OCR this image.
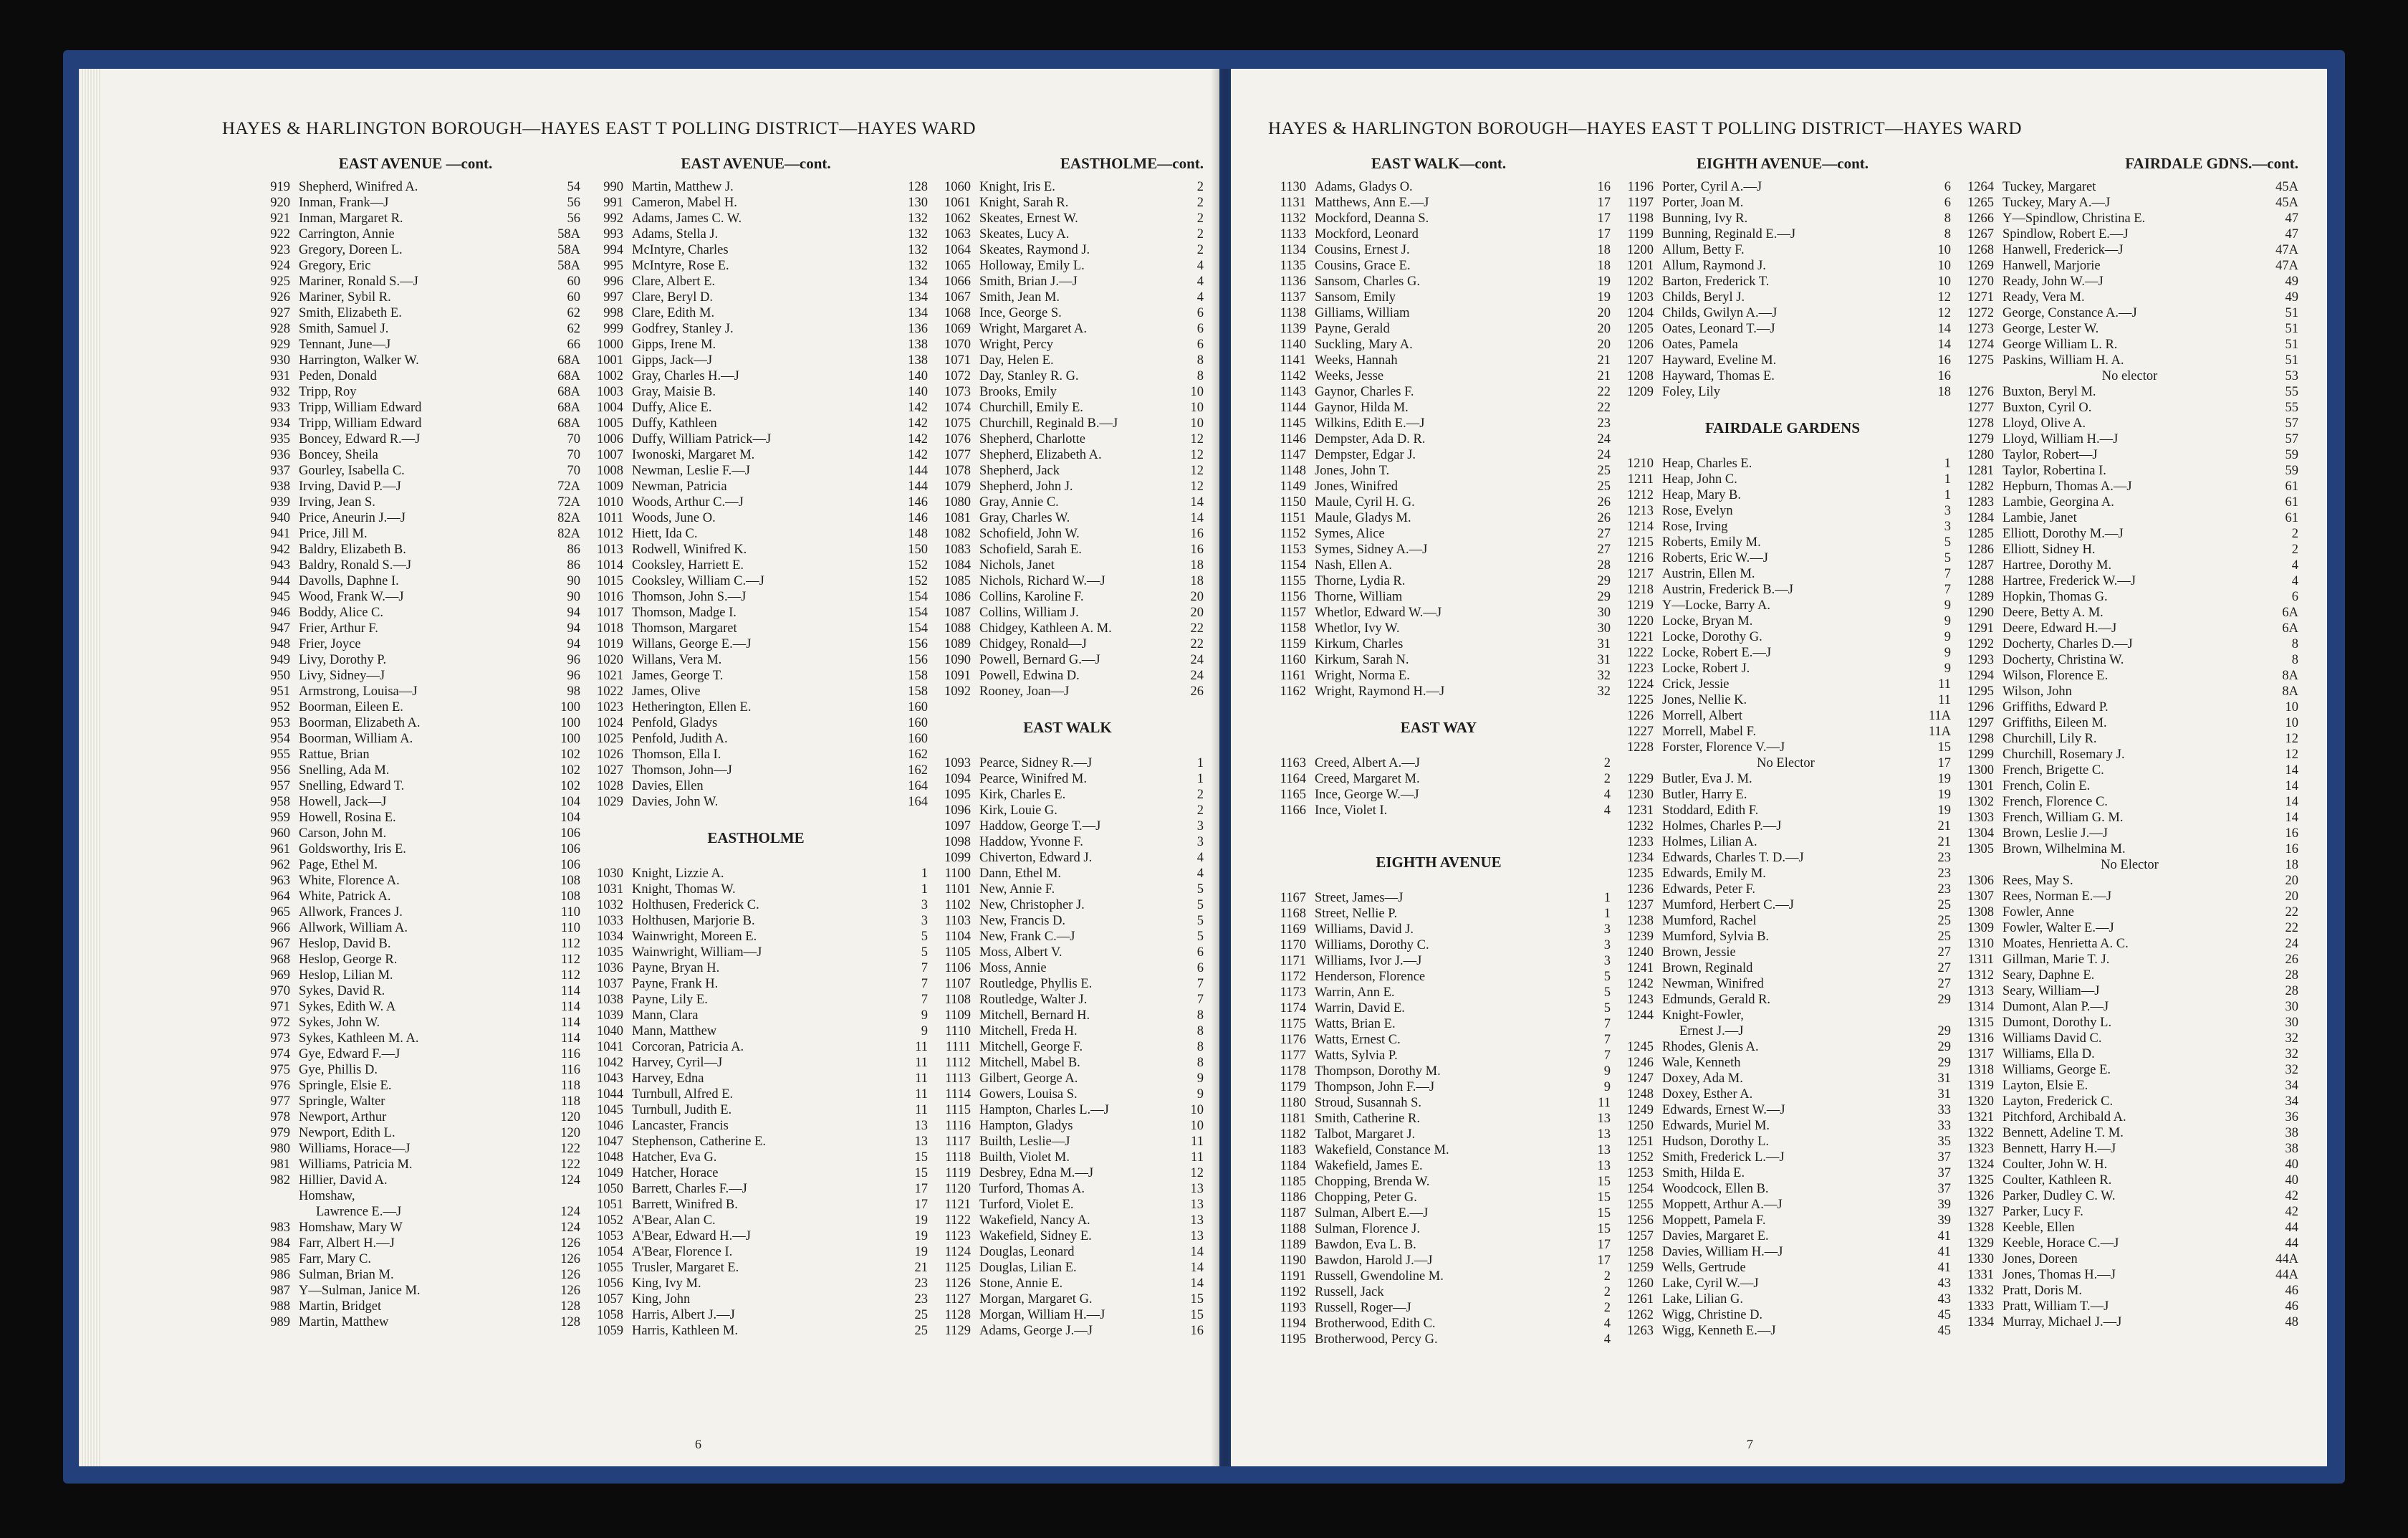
HAYES & HARLINGTON BOROUGH—HAYES EAST T POLLING DISTRICT—HAYES WARD
EAST AVENUE —cont.
919 Shepherd, Winifred A.	54
920 Inman, Frank—J	56
921 Inman, Margaret R.	56
922 Carrington, Annie	58A
923 Gregory, Doreen L.	58A
924 Gregory, Eric	58A
925 Mariner, Ronald S.—J	60
926 Mariner, Sybil R.	60
927 Smith, Elizabeth E.	62
928 Smith, Samuel J.	62
929 Tennant, June—J	66
930 Harrington, Walker W.	68A
931 Peden, Donald	68A
932 Tripp, Roy	68A
933 Tripp, William Edward	68A
934 Tripp, William Edward	68A
935 Boncey, Edward R.—J	70
936 Boncey, Sheila	70
937 Gourley, Isabella C.	70
938 Irving, David P.—J	72A
939 Irving, Jean S.	72A
940 Price, Aneurin J.—J	82A
941 Price, Jill M.	82A
942 Baldry, Elizabeth B.	86
943 Baldry, Ronald S.—J	86
944 Davolls, Daphne I.	90
945 Wood, Frank W.—J	90
946 Boddy, Alice C.	94
947 Frier, Arthur F.	94
948 Frier, Joyce	94
949 Livy, Dorothy P.	96
950 Livy, Sidney—J	96
951 Armstrong, Louisa—J	98
952 Boorman, Eileen E.	100
953 Boorman, Elizabeth A.	100
954 Boorman, William A.	100
955 Rattue, Brian	102
956 Snelling, Ada M.	102
957 Snelling, Edward T.	102
958 Howell, Jack—J	104
959 Howell, Rosina E.	104
960 Carson, John M.	106
961 Goldsworthy, Iris E.	106
962 Page, Ethel M.	106
963 White, Florence A.	108
964 White, Patrick A.	108
965 Allwork, Frances J.	110
966 Allwork, William A.	110
967 Heslop, David B.	112
968 Heslop, George R.	112
969 Heslop, Lilian M.	112
970 Sykes, David R.	114
971 Sykes, Edith W. A	114
972 Sykes, John W.	114
973 Sykes, Kathleen M. A.	114
974 Gye, Edward F.—J	116
975 Gye, Phillis D.	116
976 Springle, Elsie E.	118
977 Springle, Walter	118
978 Newport, Arthur	120
979 Newport, Edith L.	120
980 Williams, Horace—J	122
981 Williams, Patricia M.	122
982 Hillier, David A.	124
Homshaw,
Lawrence E.—J	124
983 Homshaw, Mary W	124
984 Farr, Albert H.—J	126
985 Farr, Mary C.	126
986 Sulman, Brian M.	126
987 Y—Sulman, Janice M.	126
988 Martin, Bridget	128
989 Martin, Matthew	128
EAST AVENUE—cont.
990 Martin, Matthew J.	128
991 Cameron, Mabel H.	130
992 Adams, James C. W.	132
993 Adams, Stella J.	132
994 McIntyre, Charles	132
995 McIntyre, Rose E.	132
996 Clare, Albert E.	134
997 Clare, Beryl D.	134
998 Clare, Edith M.	134
999 Godfrey, Stanley J.	136
1000 Gipps, Irene M.	138
1001 Gipps, Jack—J	138
1002 Gray, Charles H.—J	140
1003 Gray, Maisie B.	140
1004 Duffy, Alice E.	142
1005 Duffy, Kathleen	142
1006 Duffy, William Patrick—J	142
1007 Iwonoski, Margaret M.	142
1008 Newman, Leslie F.—J	144
1009 Newman, Patricia	144
1010 Woods, Arthur C.—J	146
1011 Woods, June O.	146
1012 Hiett, Ida C.	148
1013 Rodwell, Winifred K.	150
1014 Cooksley, Harriett E.	152
1015 Cooksley, William C.—J	152
1016 Thomson, John S.—J	154
1017 Thomson, Madge I.	154
1018 Thomson, Margaret	154
1019 Willans, George E.—J	156
1020 Willans, Vera M.	156
1021 James, George T.	158
1022 James, Olive	158
1023 Hetherington, Ellen E.	160
1024 Penfold, Gladys	160
1025 Penfold, Judith A.	160
1026 Thomson, Ella I.	162
1027 Thomson, John—J	162
1028 Davies, Ellen	164
1029 Davies, John W.	164
EASTHOLME
1030 Knight, Lizzie A.	1
1031 Knight, Thomas W.	1
1032 Holthusen, Frederick C.	3
1033 Holthusen, Marjorie B.	3
1034 Wainwright, Moreen E.	5
1035 Wainwright, William—J	5
1036 Payne, Bryan H.	7
1037 Payne, Frank H.	7
1038 Payne, Lily E.	7
1039 Mann, Clara	9
1040 Mann, Matthew	9
1041 Corcoran, Patricia A.	11
1042 Harvey, Cyril—J	11
1043 Harvey, Edna	11
1044 Turnbull, Alfred E.	11
1045 Turnbull, Judith E.	11
1046 Lancaster, Francis	13
1047 Stephenson, Catherine E.	13
1048 Hatcher, Eva G.	15
1049 Hatcher, Horace	15
1050 Barrett, Charles F.—J	17
1051 Barrett, Winifred B.	17
1052 A'Bear, Alan C.	19
1053 A'Bear, Edward H.—J	19
1054 A'Bear, Florence I.	19
1055 Trusler, Margaret E.	21
1056 King, Ivy M.	23
1057 King, John	23
1058 Harris, Albert J.—J	25
1059 Harris, Kathleen M.	25
EASTHOLME—cont.
1060 Knight, Iris E.	2
1061 Knight, Sarah R.	2
1062 Skeates, Ernest W.	2
1063 Skeates, Lucy A.	2
1064 Skeates, Raymond J.	2
1065 Holloway, Emily L.	4
1066 Smith, Brian J.—J	4
1067 Smith, Jean M.	4
1068 Ince, George S.	6
1069 Wright, Margaret A.	6
1070 Wright, Percy	6
1071 Day, Helen E.	8
1072 Day, Stanley R. G.	8
1073 Brooks, Emily	10
1074 Churchill, Emily E.	10
1075 Churchill, Reginald B.—J	10
1076 Shepherd, Charlotte	12
1077 Shepherd, Elizabeth A.	12
1078 Shepherd, Jack	12
1079 Shepherd, John J.	12
1080 Gray, Annie C.	14
1081 Gray, Charles W.	14
1082 Schofield, John W.	16
1083 Schofield, Sarah E.	16
1084 Nichols, Janet	18
1085 Nichols, Richard W.—J	18
1086 Collins, Karoline F.	20
1087 Collins, William J.	20
1088 Chidgey, Kathleen A. M.	22
1089 Chidgey, Ronald—J	22
1090 Powell, Bernard G.—J	24
1091 Powell, Edwina D.	24
1092 Rooney, Joan—J	26
EAST WALK
1093 Pearce, Sidney R.—J	1
1094 Pearce, Winifred M.	1
1095 Kirk, Charles E.	2
1096 Kirk, Louie G.	2
1097 Haddow, George T.—J	3
1098 Haddow, Yvonne F.	3
1099 Chiverton, Edward J.	4
1100 Dann, Ethel M.	4
1101 New, Annie F.	5
1102 New, Christopher J.	5
1103 New, Francis D.	5
1104 New, Frank C.—J	5
1105 Moss, Albert V.	6
1106 Moss, Annie	6
1107 Routledge, Phyllis E.	7
1108 Routledge, Walter J.	7
1109 Mitchell, Bernard H.	8
1110 Mitchell, Freda H.	8
1111 Mitchell, George F.	8
1112 Mitchell, Mabel B.	8
1113 Gilbert, George A.	9
1114 Gowers, Louisa S.	9
1115 Hampton, Charles L.—J	10
1116 Hampton, Gladys	10
1117 Builth, Leslie—J	11
1118 Builth, Violet M.	11
1119 Desbrey, Edna M.—J	12
1120 Turford, Thomas A.	13
1121 Turford, Violet E.	13
1122 Wakefield, Nancy A.	13
1123 Wakefield, Sidney E.	13
1124 Douglas, Leonard	14
1125 Douglas, Lilian E.	14
1126 Stone, Annie E.	14
1127 Morgan, Margaret G.	15
1128 Morgan, William H.—J	15
1129 Adams, George J.—J	16
6
HAYES & HARLINGTON BOROUGH—HAYES EAST T POLLING DISTRICT—HAYES WARD
EAST WALK—cont.
1130 Adams, Gladys O.	16
1131 Matthews, Ann E.—J	17
1132 Mockford, Deanna S.	17
1133 Mockford, Leonard	17
1134 Cousins, Ernest J.	18
1135 Cousins, Grace E.	18
1136 Sansom, Charles G.	19
1137 Sansom, Emily	19
1138 Gilliams, William	20
1139 Payne, Gerald	20
1140 Suckling, Mary A.	20
1141 Weeks, Hannah	21
1142 Weeks, Jesse	21
1143 Gaynor, Charles F.	22
1144 Gaynor, Hilda M.	22
1145 Wilkins, Edith E.—J	23
1146 Dempster, Ada D. R.	24
1147 Dempster, Edgar J.	24
1148 Jones, John T.	25
1149 Jones, Winifred	25
1150 Maule, Cyril H. G.	26
1151 Maule, Gladys M.	26
1152 Symes, Alice	27
1153 Symes, Sidney A.—J	27
1154 Nash, Ellen A.	28
1155 Thorne, Lydia R.	29
1156 Thorne, William	29
1157 Whetlor, Edward W.—J	30
1158 Whetlor, Ivy W.	30
1159 Kirkum, Charles	31
1160 Kirkum, Sarah N.	31
1161 Wright, Norma E.	32
1162 Wright, Raymond H.—J	32
EAST WAY
1163 Creed, Albert A.—J	2
1164 Creed, Margaret M.	2
1165 Ince, George W.—J	4
1166 Ince, Violet I.	4
EIGHTH AVENUE
1167 Street, James—J	1
1168 Street, Nellie P.	1
1169 Williams, David J.	3
1170 Williams, Dorothy C.	3
1171 Williams, Ivor J.—J	3
1172 Henderson, Florence	5
1173 Warrin, Ann E.	5
1174 Warrin, David E.	5
1175 Watts, Brian E.	7
1176 Watts, Ernest C.	7
1177 Watts, Sylvia P.	7
1178 Thompson, Dorothy M.	9
1179 Thompson, John F.—J	9
1180 Stroud, Susannah S.	11
1181 Smith, Catherine R.	13
1182 Talbot, Margaret J.	13
1183 Wakefield, Constance M.	13
1184 Wakefield, James E.	13
1185 Chopping, Brenda W.	15
1186 Chopping, Peter G.	15
1187 Sulman, Albert E.—J	15
1188 Sulman, Florence J.	15
1189 Bawdon, Eva L. B.	17
1190 Bawdon, Harold J.—J	17
1191 Russell, Gwendoline M.	2
1192 Russell, Jack	2
1193 Russell, Roger—J	2
1194 Brotherwood, Edith C.	4
1195 Brotherwood, Percy G.	4
EIGHTH AVENUE—cont.
1196 Porter, Cyril A.—J	6
1197 Porter, Joan M.	6
1198 Bunning, Ivy R.	8
1199 Bunning, Reginald E.—J	8
1200 Allum, Betty F.	10
1201 Allum, Raymond J.	10
1202 Barton, Frederick T.	10
1203 Childs, Beryl J.	12
1204 Childs, Gwilyn A.—J	12
1205 Oates, Leonard T.—J	14
1206 Oates, Pamela	14
1207 Hayward, Eveline M.	16
1208 Hayward, Thomas E.	16
1209 Foley, Lily	18
FAIRDALE GARDENS
1210 Heap, Charles E.	1
1211 Heap, John C.	1
1212 Heap, Mary B.	1
1213 Rose, Evelyn	3
1214 Rose, Irving	3
1215 Roberts, Emily M.	5
1216 Roberts, Eric W.—J	5
1217 Austrin, Ellen M.	7
1218 Austrin, Frederick B.—J	7
1219 Y—Locke, Barry A.	9
1220 Locke, Bryan M.	9
1221 Locke, Dorothy G.	9
1222 Locke, Robert E.—J	9
1223 Locke, Robert J.	9
1224 Crick, Jessie	11
1225 Jones, Nellie K.	11
1226 Morrell, Albert	11A
1227 Morrell, Mabel F.	11A
1228 Forster, Florence V.—J	15
No Elector	17
1229 Butler, Eva J. M.	19
1230 Butler, Harry E.	19
1231 Stoddard, Edith F.	19
1232 Holmes, Charles P.—J	21
1233 Holmes, Lilian A.	21
1234 Edwards, Charles T. D.—J	23
1235 Edwards, Emily M.	23
1236 Edwards, Peter F.	23
1237 Mumford, Herbert C.—J	25
1238 Mumford, Rachel	25
1239 Mumford, Sylvia B.	25
1240 Brown, Jessie	27
1241 Brown, Reginald	27
1242 Newman, Winifred	27
1243 Edmunds, Gerald R.	29
1244 Knight-Fowler,
Ernest J.—J	29
1245 Rhodes, Glenis A.	29
1246 Wale, Kenneth	29
1247 Doxey, Ada M.	31
1248 Doxey, Esther A.	31
1249 Edwards, Ernest W.—J	33
1250 Edwards, Muriel M.	33
1251 Hudson, Dorothy L.	35
1252 Smith, Frederick L.—J	37
1253 Smith, Hilda E.	37
1254 Woodcock, Ellen B.	37
1255 Moppett, Arthur A.—J	39
1256 Moppett, Pamela F.	39
1257 Davies, Margaret E.	41
1258 Davies, William H.—J	41
1259 Wells, Gertrude	41
1260 Lake, Cyril W.—J	43
1261 Lake, Lilian G.	43
1262 Wigg, Christine D.	45
1263 Wigg, Kenneth E.—J	45
FAIRDALE GDNS.—cont.
1264 Tuckey, Margaret	45A
1265 Tuckey, Mary A.—J	45A
1266 Y—Spindlow, Christina E.	47
1267 Spindlow, Robert E.—J	47
1268 Hanwell, Frederick—J	47A
1269 Hanwell, Marjorie	47A
1270 Ready, John W.—J	49
1271 Ready, Vera M.	49
1272 George, Constance A.—J	51
1273 George, Lester W.	51
1274 George William L. R.	51
1275 Paskins, William H. A.	51
No elector	53
1276 Buxton, Beryl M.	55
1277 Buxton, Cyril O.	55
1278 Lloyd, Olive A.	57
1279 Lloyd, William H.—J	57
1280 Taylor, Robert—J	59
1281 Taylor, Robertina I.	59
1282 Hepburn, Thomas A.—J	61
1283 Lambie, Georgina A.	61
1284 Lambie, Janet	61
1285 Elliott, Dorothy M.—J	2
1286 Elliott, Sidney H.	2
1287 Hartree, Dorothy M.	4
1288 Hartree, Frederick W.—J	4
1289 Hopkin, Thomas G.	6
1290 Deere, Betty A. M.	6A
1291 Deere, Edward H.—J	6A
1292 Docherty, Charles D.—J	8
1293 Docherty, Christina W.	8
1294 Wilson, Florence E.	8A
1295 Wilson, John	8A
1296 Griffiths, Edward P.	10
1297 Griffiths, Eileen M.	10
1298 Churchill, Lily R.	12
1299 Churchill, Rosemary J.	12
1300 French, Brigette C.	14
1301 French, Colin E.	14
1302 French, Florence C.	14
1303 French, William G. M.	14
1304 Brown, Leslie J.—J	16
1305 Brown, Wilhelmina M.	16
No Elector	18
1306 Rees, May S.	20
1307 Rees, Norman E.—J	20
1308 Fowler, Anne	22
1309 Fowler, Walter E.—J	22
1310 Moates, Henrietta A. C.	24
1311 Gillman, Marie T. J.	26
1312 Seary, Daphne E.	28
1313 Seary, William—J	28
1314 Dumont, Alan P.—J	30
1315 Dumont, Dorothy L.	30
1316 Williams David C.	32
1317 Williams, Ella D.	32
1318 Williams, George E.	32
1319 Layton, Elsie E.	34
1320 Layton, Frederick C.	34
1321 Pitchford, Archibald A.	36
1322 Bennett, Adeline T. M.	38
1323 Bennett, Harry H.—J	38
1324 Coulter, John W. H.	40
1325 Coulter, Kathleen R.	40
1326 Parker, Dudley C. W.	42
1327 Parker, Lucy F.	42
1328 Keeble, Ellen	44
1329 Keeble, Horace C.—J	44
1330 Jones, Doreen	44A
1331 Jones, Thomas H.—J	44A
1332 Pratt, Doris M.	46
1333 Pratt, William T.—J	46
1334 Murray, Michael J.—J	48
7
